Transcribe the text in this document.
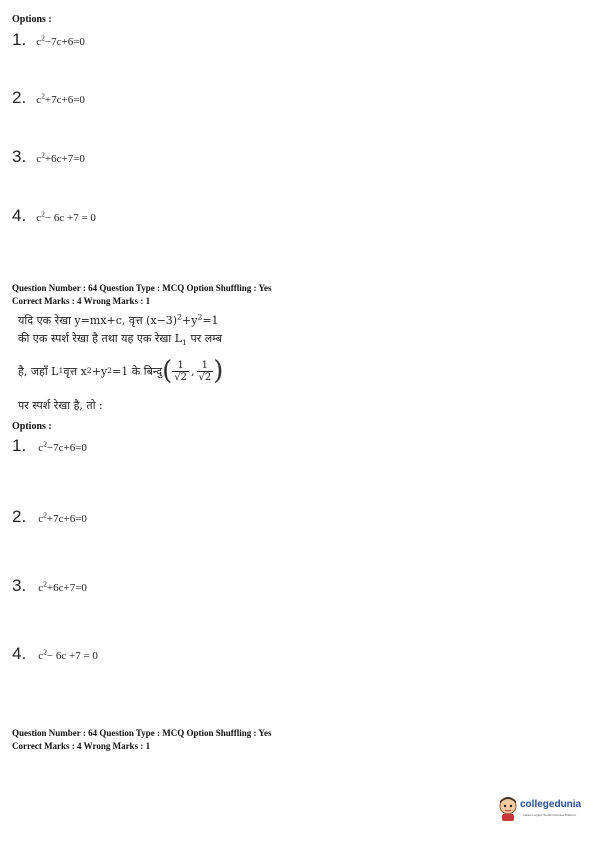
Options :
1. $c^2-7c+6=0$
2. $c^2+7c+6=0$
3. $c^2+6c+7=0$
4. $c^2- 6c +7 = 0$
Question Number : 64 Question Type : MCQ Option Shuffling : Yes
Correct Marks : 4 Wrong Marks : 1
यदि एक रेखा y=mx+c, वृत्त $(x-3)^2+y^2=1$
की एक स्पर्श रेखा है तथा यह एक रेखा $L_1$ पर लम्ब
है, जहाँ L 1 वृत्त x 2 +y 2 =1 के बिन्दु ( $\frac{1}{√2}$ , $\frac{1}{√2}$ )
पर स्पर्श रेखा है, तो :
Options :
1. $c^2-7c+6=0$
2. $c^2+7c+6=0$
3. $c^2+6c+7=0$
4. $c^2- 6c +7 = 0$
Question Number : 64 Question Type : MCQ Option Shuffling : Yes
Correct Marks : 4 Wrong Marks : 1
collegedunia
India's Largest Student Review Platform
